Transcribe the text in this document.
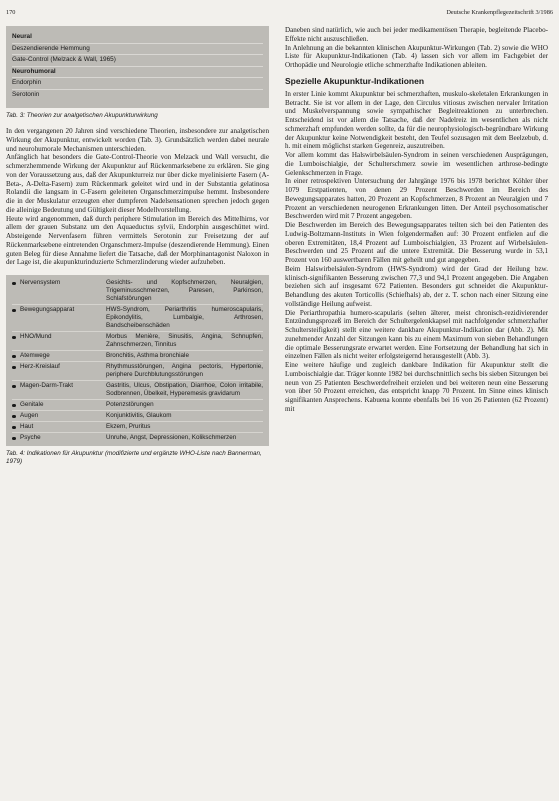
170	Deutsche Krankenpflegezeitschrift 3/1986
Neural
Deszendierende Hemmung
Gate-Control (Melzack & Wall, 1965)
Neurohumoral
Endorphin
Serotonin

Tab. 3: Theorien zur analgetischen Akupunkturwirkung

In den vergangenen 20 Jahren sind verschiedene Theorien, insbesondere zur analgetischen Wirkung der Akupunktur, entwickelt worden (Tab. 3). Grundsätzlich werden dabei neurale und neurohumorale Mechanismen unterschieden.

Anfänglich hat besonders die Gate-Control-Theorie von Melzack und Wall versucht, die schmerzhemmende Wirkung der Akupunktur auf Rückenmarksebene zu erklären. Sie ging von der Voraussetzung aus, daß der Akupunkturreiz nur über dicke myelinisierte Fasern (A-Beta-, A-Delta-Fasern) zum Rückenmark geleitet wird und in der Substantia gelatinosa Rolandii die langsam in C-Fasern geleiteten Organschmerzimpulse hemmt. Insbesondere die in der Muskulatur erzeugten eher dumpferen Nadelsensationen sprechen jedoch gegen die alleinige Bedeutung und Gültigkeit dieser Modellvorstellung.

Heute wird angenommen, daß durch periphere Stimulation im Bereich des Mittelhirns, vor allem der grauen Substanz um den Aquaeductus sylvii, Endorphin ausgeschüttet wird. Absteigende Nervenfasern führen vermittels Serotonin zur Freisetzung der auf Rückenmarksebene eintretenden Organschmerz-Impulse (deszendierende Hemmung). Einen guten Beleg für diese Annahme liefert die Tatsache, daß der Morphinantagonist Naloxon in der Lage ist, die akupunkturinduzierte Schmerzlinderung wieder aufzuheben.

Nervensystem	Gesichts- und Kopfschmerzen, Neuralgien, Trigeminusschmerzen, Paresen, Parkinson, Schlafstörungen
Bewegungsapparat	HWS-Syndrom, Periarthritis humeroscapularis, Epikondylitis, Lumbalgie, Arthrosen, Bandscheibenschäden
HNO/Mund	Morbus Menière, Sinusitis, Angina, Schnupfen, Zahnschmerzen, Tinnitus
Atemwege	Bronchitis, Asthma bronchiale
Herz-Kreislauf	Rhythmusstörungen, Angina pectoris, Hypertonie, periphere Durchblutungsstörungen
Magen-Darm-Trakt	Gastritis, Ulcus, Obstipation, Diarrhoe, Colon irritabile, Sodbrennen, Übelkeit, Hyperemesis gravidarum
Genitale	Potenzstörungen
Augen	Konjunktivitis, Glaukom
Haut	Ekzem, Pruritus
Psyche	Unruhe, Angst, Depressionen, Kolikschmerzen

Tab. 4: Indikationen für Akupunktur (modifizierte und ergänzte WHO-Liste nach Bannerman, 1979)

Daneben sind natürlich, wie auch bei jeder medikamentösen Therapie, begleitende Placebo-Effekte nicht auszuschließen.

In Anlehnung an die bekannten klinischen Akupunktur-Wirkungen (Tab. 2) sowie die WHO Liste für Akupunktur-Indikationen (Tab. 4) lassen sich vor allem im Fachgebiet der Orthopädie und Neurologie etliche schmerzhafte Indikationen ableiten.

Spezielle Akupunktur-Indikationen

In erster Linie kommt Akupunktur bei schmerzhaften, muskulo-skeletalen Erkrankungen in Betracht. Sie ist vor allem in der Lage, den Circulus vitiosus zwischen nervaler Irritation und Muskelverspannung sowie sympathischer Begleitreaktionen zu unterbrechen. Entscheidend ist vor allem die Tatsache, daß der Nadelreiz im wesentlichen als nicht schmerzhaft empfunden werden sollte, da für die neurophysiologisch-begründbare Wirkung der Akupunktur keine Notwendigkeit besteht, den Teufel sozusagen mit dem Beelzebub, d. h. mit einem möglichst starken Gegenreiz, auszutreiben.

Vor allem kommt das Halswirbelsäulen-Syndrom in seinen verschiedenen Ausprägungen, die Lumboischialgie, der Schulterschmerz sowie im wesentlichen arthrose-bedingte Gelenkschmerzen in Frage.

In einer retrospektiven Untersuchung der Jahrgänge 1976 bis 1978 berichtet Köhler über 1079 Erstpatienten, von denen 29 Prozent Beschwerden im Bereich des Bewegungsapparates hatten, 20 Prozent an Kopfschmerzen, 8 Prozent an Neuralgien und 7 Prozent an verschiedenen neurogenen Erkrankungen litten. Der Anteil psychosomatischer Beschwerden wird mit 7 Prozent angegeben.

Die Beschwerden im Bereich des Bewegungsapparates teilten sich bei den Patienten des Ludwig-Boltzmann-Instituts in Wien folgendermaßen auf: 30 Prozent entfielen auf die oberen Extremitäten, 18,4 Prozent auf Lumboischialgien, 33 Prozent auf Wirbelsäulen-Beschwerden und 25 Prozent auf die untere Extremität. Die Besserung wurde in 53,1 Prozent von 160 auswertbaren Fällen mit geheilt und gut angegeben.

Beim Halswirbelsäulen-Syndrom (HWS-Syndrom) wird der Grad der Heilung bzw. klinisch-signifikanten Besserung zwischen 77,3 und 94,1 Prozent angegeben. Die Angaben beziehen sich auf insgesamt 672 Patienten. Besonders gut schneidet die Akupunktur-Behandlung des akuten Torticollis (Schiefhals) ab, der z. T. schon nach einer Sitzung eine vollständige Heilung aufweist.

Die Periarthropathia humero-scapularis (selten älterer, meist chronisch-rezidivierender Entzündungsprozeß im Bereich der Schultergelenkkapsel mit nachfolgender schmerzhafter Schultersteifigkeit) stellt eine weitere dankbare Akupunktur-Indikation dar (Abb. 2). Mit zunehmender Anzahl der Sitzungen kann bis zu einem Maximum von sieben Behandlungen die optimale Besserungsrate erwartet werden. Eine Fortsetzung der Behandlung hat sich in einzelnen Fällen als nicht weiter erfolgsteigernd herausgestellt (Abb. 3).

Eine weitere häufige und zugleich dankbare Indikation für Akupunktur stellt die Lumboischialgie dar. Träger konnte 1982 bei durchschnittlich sechs bis sieben Sitzungen bei neun von 25 Patienten Beschwerdefreiheit erzielen und bei weiteren neun eine Besserung von über 50 Prozent erreichen, das entspricht knapp 70 Prozent. Im Sinne eines klinisch signifikanten Ansprechens. Kabuena konnte ebenfalls bei 16 von 26 Patienten (62 Prozent) mit
